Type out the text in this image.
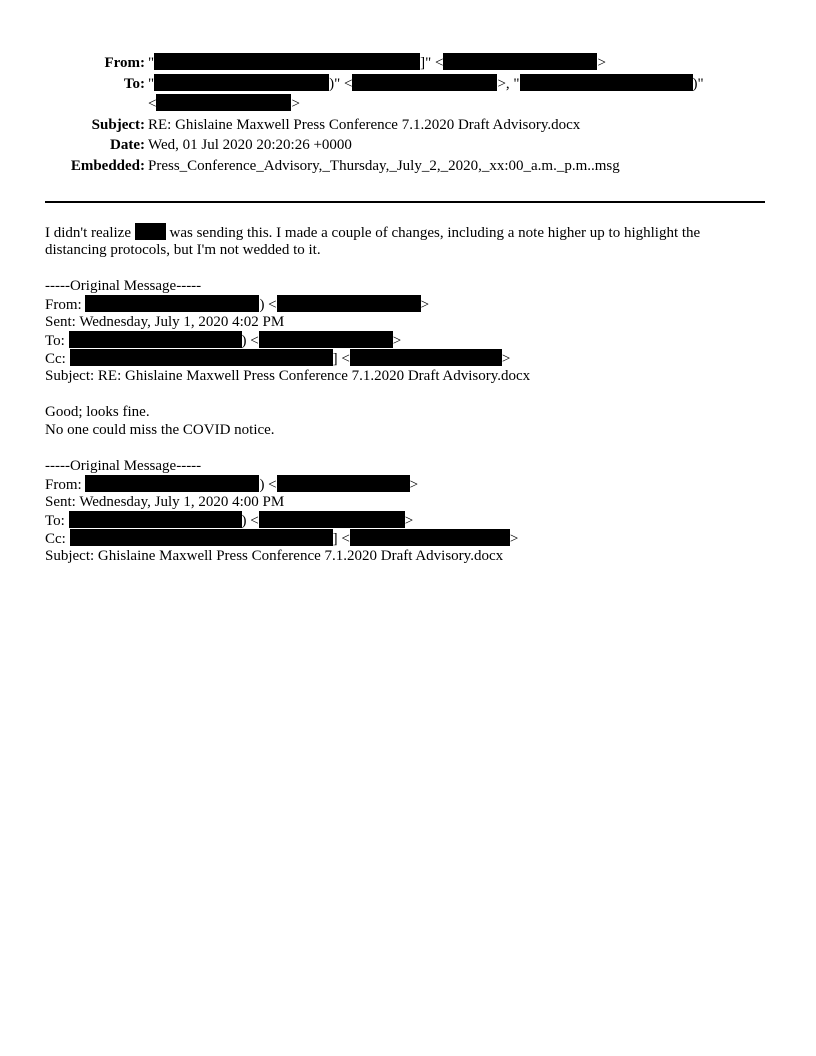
From: "	]" <	>
To: "	)" <	>, "	)"
<	>
Subject: RE: Ghislaine Maxwell Press Conference 7.1.2020 Draft Advisory.docx
Date: Wed, 01 Jul 2020 20:20:26 +0000
Embedded: Press_Conference_Advisory,_Thursday,_July_2,_2020,_xx:00_a.m._p.m..msg
I didn't realize  was sending this. I made a couple of changes, including a note higher up to highlight the
distancing protocols, but I'm not wedded to it.
-----Original Message-----
From:	) <	>
Sent: Wednesday, July 1, 2020 4:02 PM
To:	) <	>
Cc:	] <	>
Subject: RE: Ghislaine Maxwell Press Conference 7.1.2020 Draft Advisory.docx
Good; looks fine.
No one could miss the COVID notice.
-----Original Message-----
From:	) <	>
Sent: Wednesday, July 1, 2020 4:00 PM
To:	) <	>
Cc:	] <	>
Subject: Ghislaine Maxwell Press Conference 7.1.2020 Draft Advisory.docx
